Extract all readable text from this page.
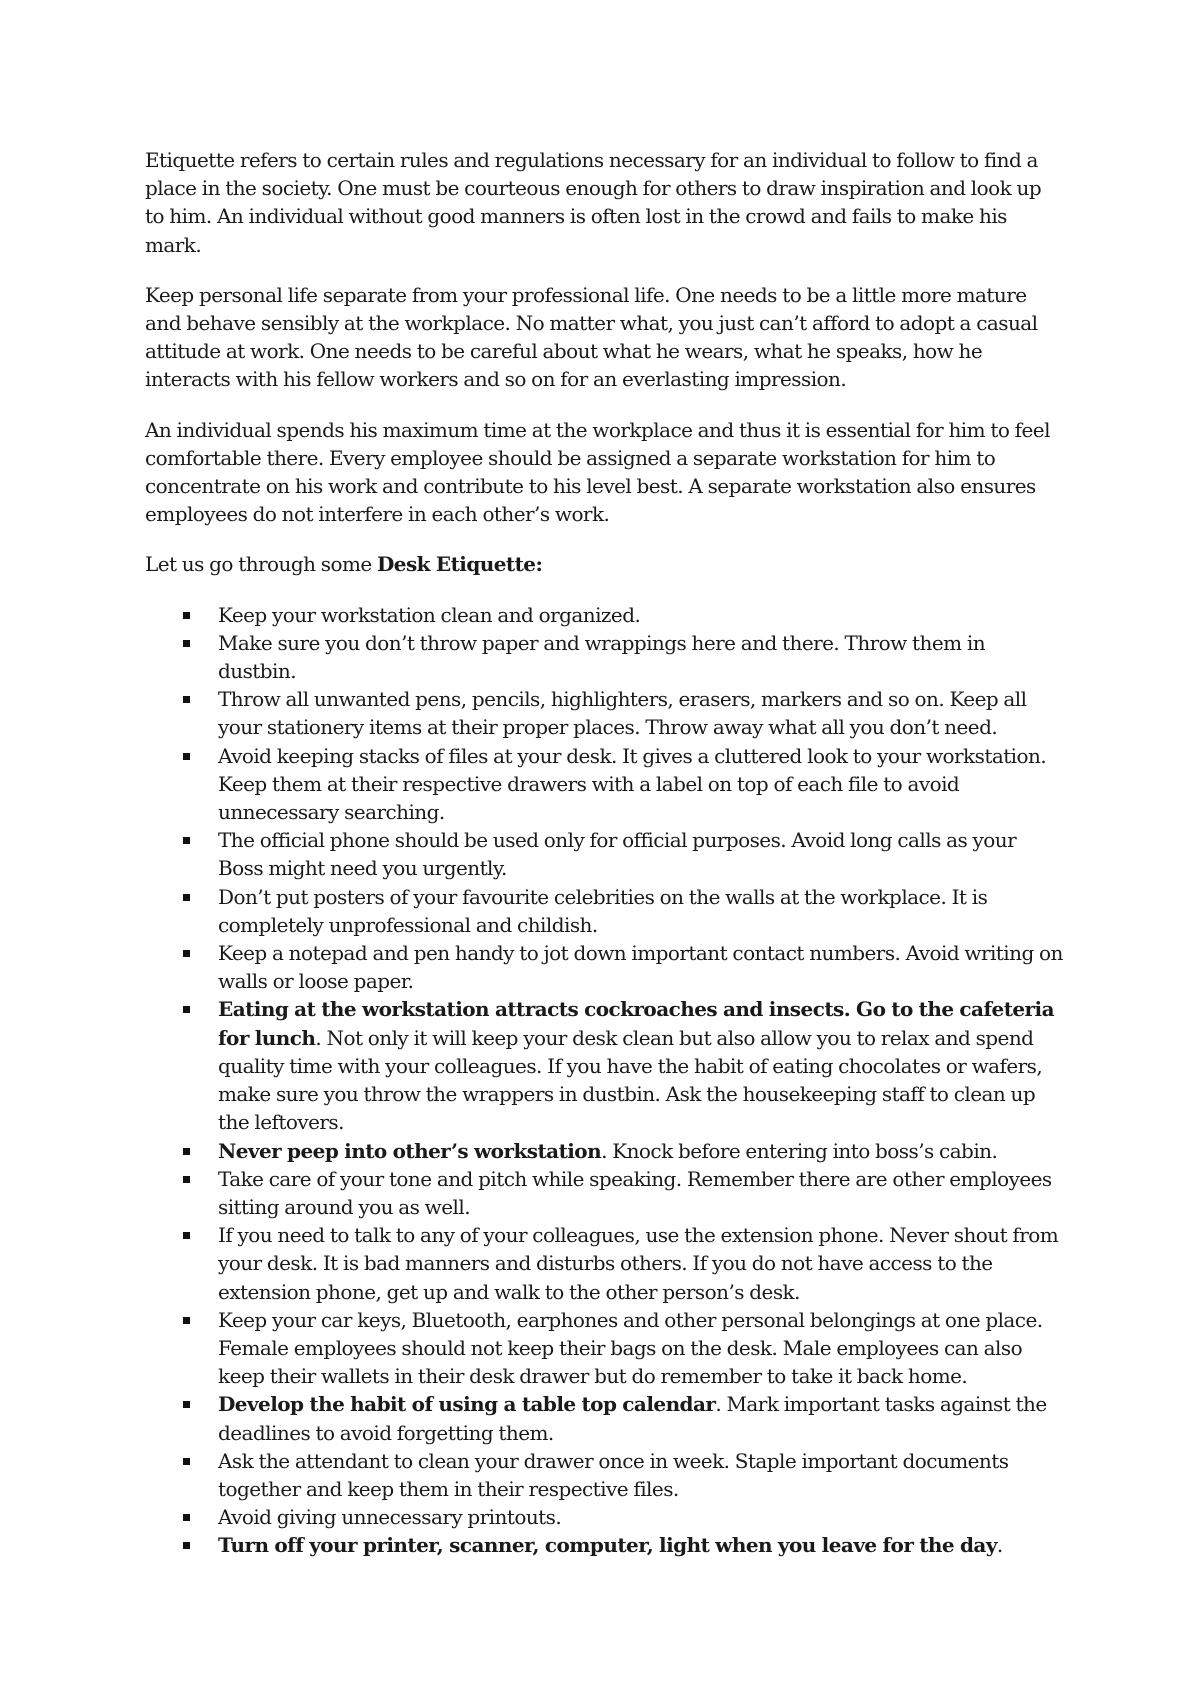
Etiquette refers to certain rules and regulations necessary for an individual to follow to find a place in the society. One must be courteous enough for others to draw inspiration and look up to him. An individual without good manners is often lost in the crowd and fails to make his mark.

Keep personal life separate from your professional life. One needs to be a little more mature and behave sensibly at the workplace. No matter what, you just can’t afford to adopt a casual attitude at work. One needs to be careful about what he wears, what he speaks, how he interacts with his fellow workers and so on for an everlasting impression.

An individual spends his maximum time at the workplace and thus it is essential for him to feel comfortable there. Every employee should be assigned a separate workstation for him to concentrate on his work and contribute to his level best. A separate workstation also ensures employees do not interfere in each other’s work.

Let us go through some Desk Etiquette:

Keep your workstation clean and organized.
Make sure you don’t throw paper and wrappings here and there. Throw them in dustbin.
Throw all unwanted pens, pencils, highlighters, erasers, markers and so on. Keep all your stationery items at their proper places. Throw away what all you don’t need.
Avoid keeping stacks of files at your desk. It gives a cluttered look to your workstation. Keep them at their respective drawers with a label on top of each file to avoid unnecessary searching.
The official phone should be used only for official purposes. Avoid long calls as your Boss might need you urgently.
Don’t put posters of your favourite celebrities on the walls at the workplace. It is completely unprofessional and childish.
Keep a notepad and pen handy to jot down important contact numbers. Avoid writing on walls or loose paper.
Eating at the workstation attracts cockroaches and insects. Go to the cafeteria for lunch. Not only it will keep your desk clean but also allow you to relax and spend quality time with your colleagues. If you have the habit of eating chocolates or wafers, make sure you throw the wrappers in dustbin. Ask the housekeeping staff to clean up the leftovers.
Never peep into other’s workstation. Knock before entering into boss’s cabin.
Take care of your tone and pitch while speaking. Remember there are other employees sitting around you as well.
If you need to talk to any of your colleagues, use the extension phone. Never shout from your desk. It is bad manners and disturbs others. If you do not have access to the extension phone, get up and walk to the other person’s desk.
Keep your car keys, Bluetooth, earphones and other personal belongings at one place. Female employees should not keep their bags on the desk. Male employees can also keep their wallets in their desk drawer but do remember to take it back home.
Develop the habit of using a table top calendar. Mark important tasks against the deadlines to avoid forgetting them.
Ask the attendant to clean your drawer once in week. Staple important documents together and keep them in their respective files.
Avoid giving unnecessary printouts.
Turn off your printer, scanner, computer, light when you leave for the day.
